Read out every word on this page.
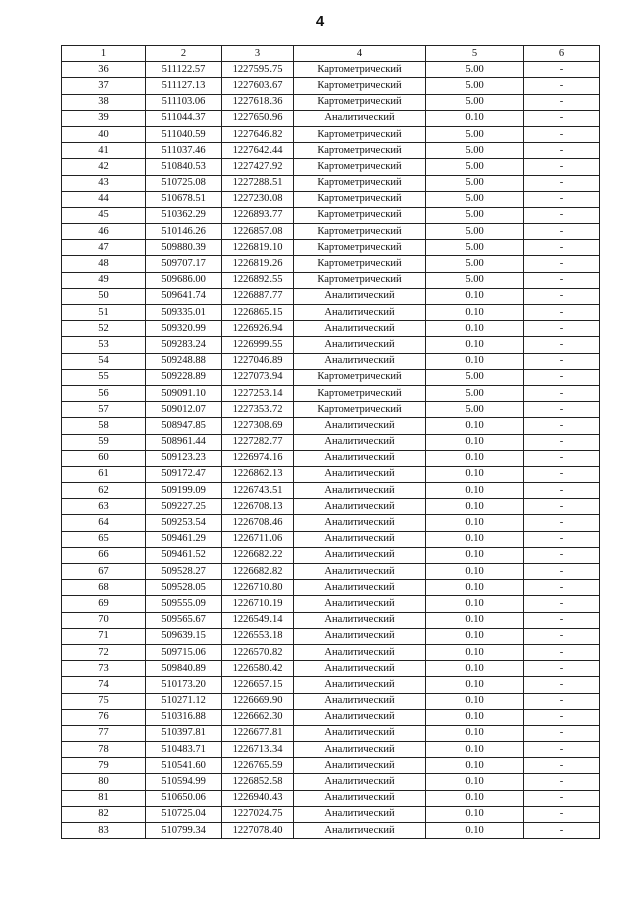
4
1	2	3	4	5	6
36	511122.57	1227595.75	Картометрический	5.00	-
37	511127.13	1227603.67	Картометрический	5.00	-
38	511103.06	1227618.36	Картометрический	5.00	-
39	511044.37	1227650.96	Аналитический	0.10	-
40	511040.59	1227646.82	Картометрический	5.00	-
41	511037.46	1227642.44	Картометрический	5.00	-
42	510840.53	1227427.92	Картометрический	5.00	-
43	510725.08	1227288.51	Картометрический	5.00	-
44	510678.51	1227230.08	Картометрический	5.00	-
45	510362.29	1226893.77	Картометрический	5.00	-
46	510146.26	1226857.08	Картометрический	5.00	-
47	509880.39	1226819.10	Картометрический	5.00	-
48	509707.17	1226819.26	Картометрический	5.00	-
49	509686.00	1226892.55	Картометрический	5.00	-
50	509641.74	1226887.77	Аналитический	0.10	-
51	509335.01	1226865.15	Аналитический	0.10	-
52	509320.99	1226926.94	Аналитический	0.10	-
53	509283.24	1226999.55	Аналитический	0.10	-
54	509248.88	1227046.89	Аналитический	0.10	-
55	509228.89	1227073.94	Картометрический	5.00	-
56	509091.10	1227253.14	Картометрический	5.00	-
57	509012.07	1227353.72	Картометрический	5.00	-
58	508947.85	1227308.69	Аналитический	0.10	-
59	508961.44	1227282.77	Аналитический	0.10	-
60	509123.23	1226974.16	Аналитический	0.10	-
61	509172.47	1226862.13	Аналитический	0.10	-
62	509199.09	1226743.51	Аналитический	0.10	-
63	509227.25	1226708.13	Аналитический	0.10	-
64	509253.54	1226708.46	Аналитический	0.10	-
65	509461.29	1226711.06	Аналитический	0.10	-
66	509461.52	1226682.22	Аналитический	0.10	-
67	509528.27	1226682.82	Аналитический	0.10	-
68	509528.05	1226710.80	Аналитический	0.10	-
69	509555.09	1226710.19	Аналитический	0.10	-
70	509565.67	1226549.14	Аналитический	0.10	-
71	509639.15	1226553.18	Аналитический	0.10	-
72	509715.06	1226570.82	Аналитический	0.10	-
73	509840.89	1226580.42	Аналитический	0.10	-
74	510173.20	1226657.15	Аналитический	0.10	-
75	510271.12	1226669.90	Аналитический	0.10	-
76	510316.88	1226662.30	Аналитический	0.10	-
77	510397.81	1226677.81	Аналитический	0.10	-
78	510483.71	1226713.34	Аналитический	0.10	-
79	510541.60	1226765.59	Аналитический	0.10	-
80	510594.99	1226852.58	Аналитический	0.10	-
81	510650.06	1226940.43	Аналитический	0.10	-
82	510725.04	1227024.75	Аналитический	0.10	-
83	510799.34	1227078.40	Аналитический	0.10	-
